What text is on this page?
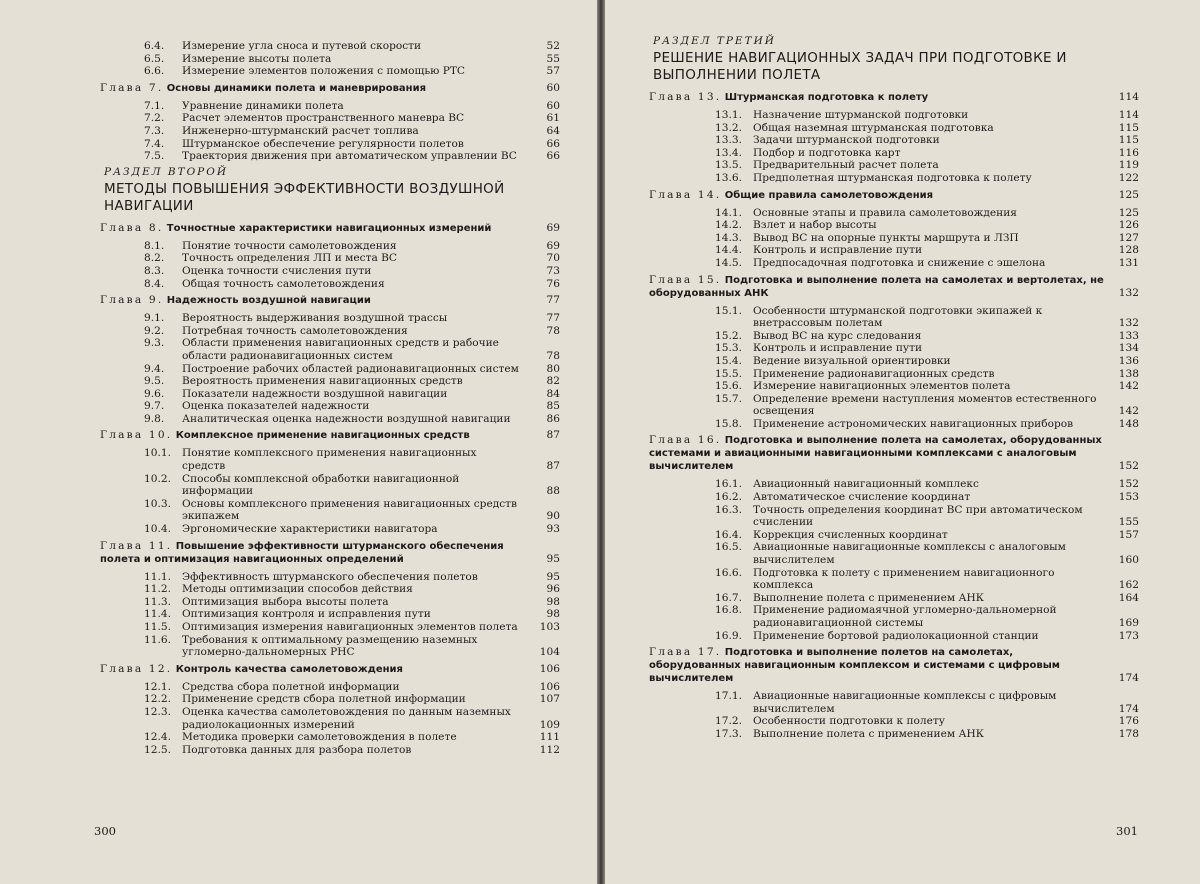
6.4.	Измерение угла сноса и путевой скорости	52
6.5.	Измерение высоты полета	55
6.6.	Измерение элементов положения с помощью РТС	57
Глава 7. Основы динамики полета и маневрирования	60
7.1.	Уравнение динамики полета	60
7.2.	Расчет элементов пространственного маневра ВС	61
7.3.	Инженерно-штурманский расчет топлива	64
7.4.	Штурманское обеспечение регулярности полетов	66
7.5.	Траектория движения при автоматическом управлении ВС	66
РАЗДЕЛ ВТОРОЙ
МЕТОДЫ ПОВЫШЕНИЯ ЭФФЕКТИВНОСТИ ВОЗДУШНОЙ НАВИГАЦИИ
Глава 8. Точностные характеристики навигационных измерений	69
8.1.	Понятие точности самолетовождения	69
8.2.	Точность определения ЛП и места ВС	70
8.3.	Оценка точности счисления пути	73
8.4.	Общая точность самолетовождения	76
Глава 9. Надежность воздушной навигации	77
9.1.	Вероятность выдерживания воздушной трассы	77
9.2.	Потребная точность самолетовождения	78
9.3.	Области применения навигационных средств и рабочие области радионавигационных систем	78
9.4.	Построение рабочих областей радионавигационных систем	80
9.5.	Вероятность применения навигационных средств	82
9.6.	Показатели надежности воздушной навигации	84
9.7.	Оценка показателей надежности	85
9.8.	Аналитическая оценка надежности воздушной навигации	86
Глава 10. Комплексное применение навигационных средств	87
10.1.	Понятие комплексного применения навигационных средств	87
10.2.	Способы комплексной обработки навигационной информации	88
10.3.	Основы комплексного применения навигационных средств экипажем	90
10.4.	Эргономические характеристики навигатора	93
Глава 11. Повышение эффективности штурманского обеспечения полета и оптимизация навигационных определений	95
11.1.	Эффективность штурманского обеспечения полетов	95
11.2.	Методы оптимизации способов действия	96
11.3.	Оптимизация выбора высоты полета	98
11.4.	Оптимизация контроля и исправления пути	98
11.5.	Оптимизация измерения навигационных элементов полета	103
11.6.	Требования к оптимальному размещению наземных угломерно-дальномерных РНС	104
Глава 12. Контроль качества самолетовождения	106
12.1.	Средства сбора полетной информации	106
12.2.	Применение средств сбора полетной информации	107
12.3.	Оценка качества самолетовождения по данным наземных радиолокационных измерений	109
12.4.	Методика проверки самолетовождения в полете	111
12.5.	Подготовка данных для разбора полетов	112
300
РАЗДЕЛ ТРЕТИЙ
РЕШЕНИЕ НАВИГАЦИОННЫХ ЗАДАЧ ПРИ ПОДГОТОВКЕ И ВЫПОЛНЕНИИ ПОЛЕТА
Глава 13. Штурманская подготовка к полету	114
13.1.	Назначение штурманской подготовки	114
13.2.	Общая наземная штурманская подготовка	115
13.3.	Задачи штурманской подготовки	115
13.4.	Подбор и подготовка карт	116
13.5.	Предварительный расчет полета	119
13.6.	Предполетная штурманская подготовка к полету	122
Глава 14. Общие правила самолетовождения	125
14.1.	Основные этапы и правила самолетовождения	125
14.2.	Взлет и набор высоты	126
14.3.	Вывод ВС на опорные пункты маршрута и ЛЗП	127
14.4.	Контроль и исправление пути	128
14.5.	Предпосадочная подготовка и снижение с эшелона	131
Глава 15. Подготовка и выполнение полета на самолетах и вертолетах, не оборудованных АНК	132
15.1.	Особенности штурманской подготовки экипажей к внетрассовым полетам	132
15.2.	Вывод ВС на курс следования	133
15.3.	Контроль и исправление пути	134
15.4.	Ведение визуальной ориентировки	136
15.5.	Применение радионавигационных средств	138
15.6.	Измерение навигационных элементов полета	142
15.7.	Определение времени наступления моментов естественного освещения	142
15.8.	Применение астрономических навигационных приборов	148
Глава 16. Подготовка и выполнение полета на самолетах, оборудованных системами и авиационными навигационными комплексами с аналоговым вычислителем	152
16.1.	Авиационный навигационный комплекс	152
16.2.	Автоматическое счисление координат	153
16.3.	Точность определения координат ВС при автоматическом счислении	155
16.4.	Коррекция счисленных координат	157
16.5.	Авиационные навигационные комплексы с аналоговым вычислителем	160
16.6.	Подготовка к полету с применением навигационного комплекса	162
16.7.	Выполнение полета с применением АНК	164
16.8.	Применение радиомаячной угломерно-дальномерной радионавигационной системы	169
16.9.	Применение бортовой радиолокационной станции	173
Глава 17. Подготовка и выполнение полетов на самолетах, оборудованных навигационным комплексом и системами с цифровым вычислителем	174
17.1.	Авиационные навигационные комплексы с цифровым вычислителем	174
17.2.	Особенности подготовки к полету	176
17.3.	Выполнение полета с применением АНК	178
301
